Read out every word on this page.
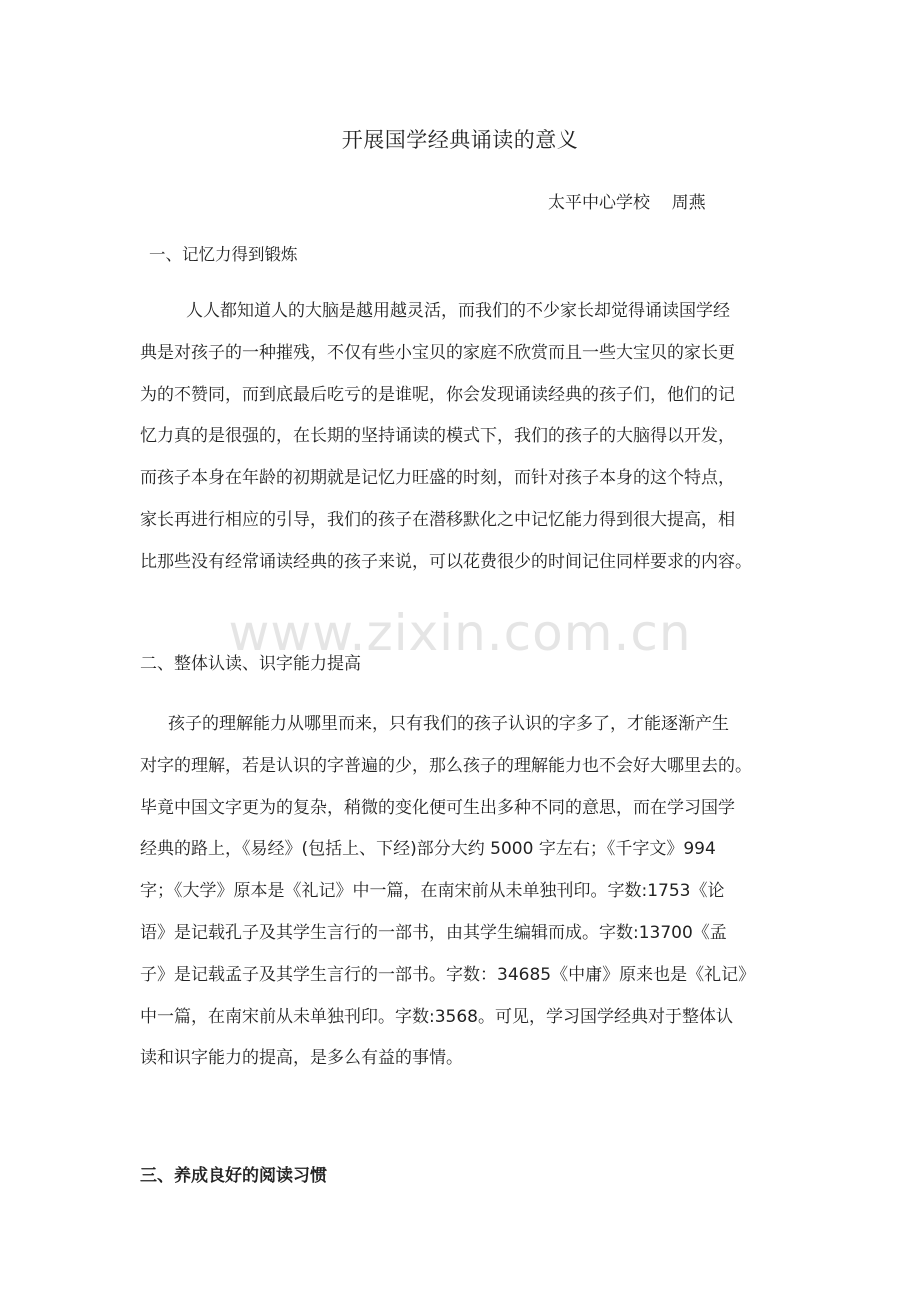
开展国学经典诵读的意义
太平中心学校    周燕
一、记忆力得到锻炼
人人都知道人的大脑是越用越灵活，而我们的不少家长却觉得诵读国学经
典是对孩子的一种摧残，不仅有些小宝贝的家庭不欣赏而且一些大宝贝的家长更
为的不赞同，而到底最后吃亏的是谁呢，你会发现诵读经典的孩子们，他们的记
忆力真的是很强的，在长期的坚持诵读的模式下，我们的孩子的大脑得以开发，
而孩子本身在年龄的初期就是记忆力旺盛的时刻，而针对孩子本身的这个特点，
家长再进行相应的引导，我们的孩子在潜移默化之中记忆能力得到很大提高，相
比那些没有经常诵读经典的孩子来说，可以花费很少的时间记住同样要求的内容。
www.zixin.com.cn
二、整体认读、识字能力提高
孩子的理解能力从哪里而来，只有我们的孩子认识的字多了，才能逐渐产生
对字的理解，若是认识的字普遍的少，那么孩子的理解能力也不会好大哪里去的。
毕竟中国文字更为的复杂，稍微的变化便可生出多种不同的意思，而在学习国学
经典的路上，《易经》(包括上、下经)部分大约 5000 字左右；《千字文》994
字；《大学》原本是《礼记》中一篇，在南宋前从未单独刊印。字数:1753《论
语》是记载孔子及其学生言行的一部书，由其学生编辑而成。字数:13700《孟
子》是记载孟子及其学生言行的一部书。字数：34685《中庸》原来也是《礼记》
中一篇，在南宋前从未单独刊印。字数:3568。可见，学习国学经典对于整体认
读和识字能力的提高，是多么有益的事情。
三、养成良好的阅读习惯
